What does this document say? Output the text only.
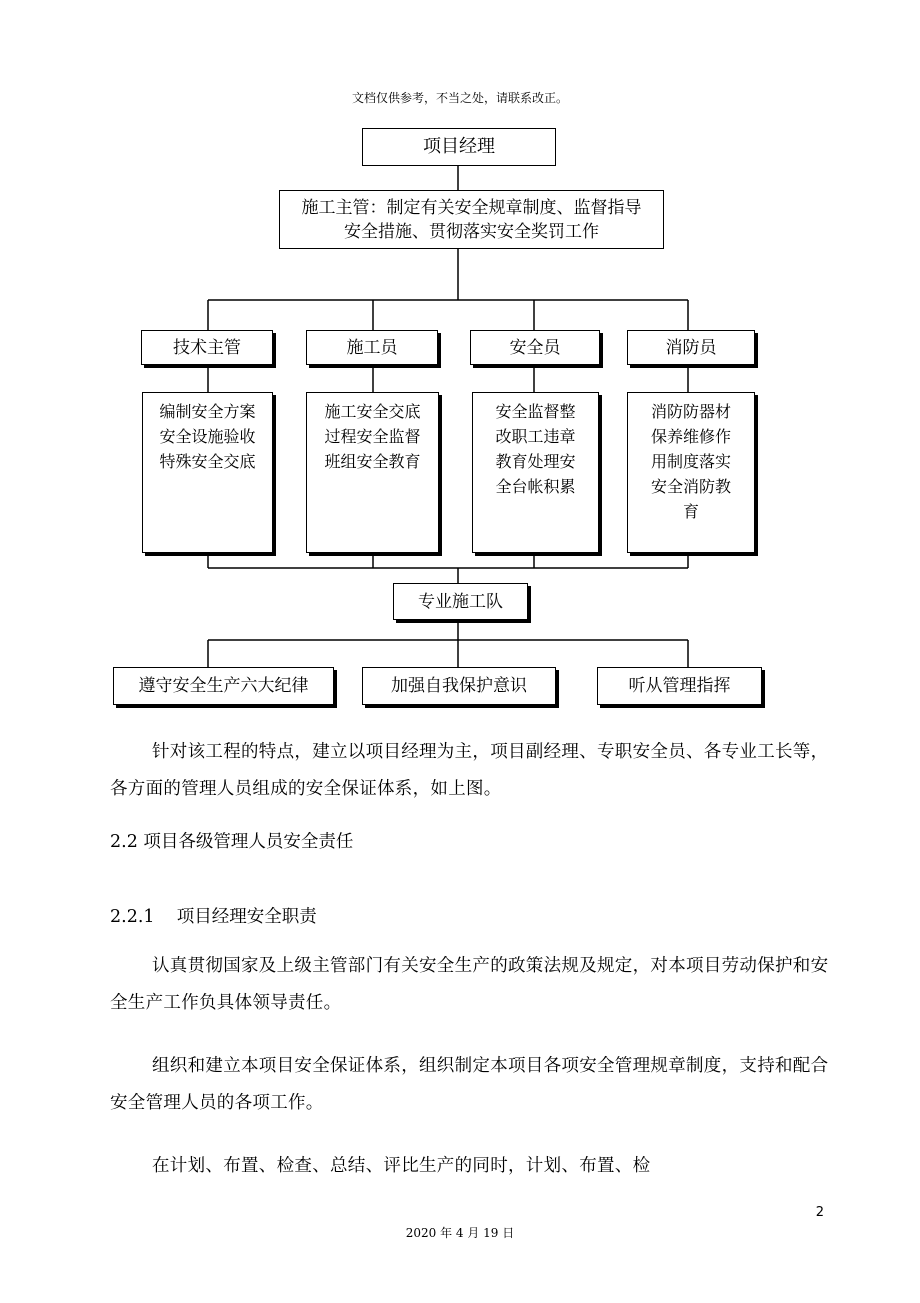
文档仅供参考，不当之处，请联系改正。
项目经理
施工主管：制定有关安全规章制度、监督指导
安全措施、贯彻落实安全奖罚工作
技术主管	施工员	安全员	消防员
编制安全方案
安全设施验收
特殊安全交底
施工安全交底
过程安全监督
班组安全教育
安全监督整
改职工违章
教育处理安
全台帐积累
消防防器材
保养维修作
用制度落实
安全消防教
育
专业施工队
遵守安全生产六大纪律	加强自我保护意识	听从管理指挥
针对该工程的特点，建立以项目经理为主，项目副经理、专职安全员、各专业工长等，各方面的管理人员组成的安全保证体系，如上图。
2.2 项目各级管理人员安全责任
2.2.1    项目经理安全职责
认真贯彻国家及上级主管部门有关安全生产的政策法规及规定，对本项目劳动保护和安全生产工作负具体领导责任。
组织和建立本项目安全保证体系，组织制定本项目各项安全管理规章制度，支持和配合安全管理人员的各项工作。
在计划、布置、检查、总结、评比生产的同时，计划、布置、检
2
2020 年 4 月 19 日
